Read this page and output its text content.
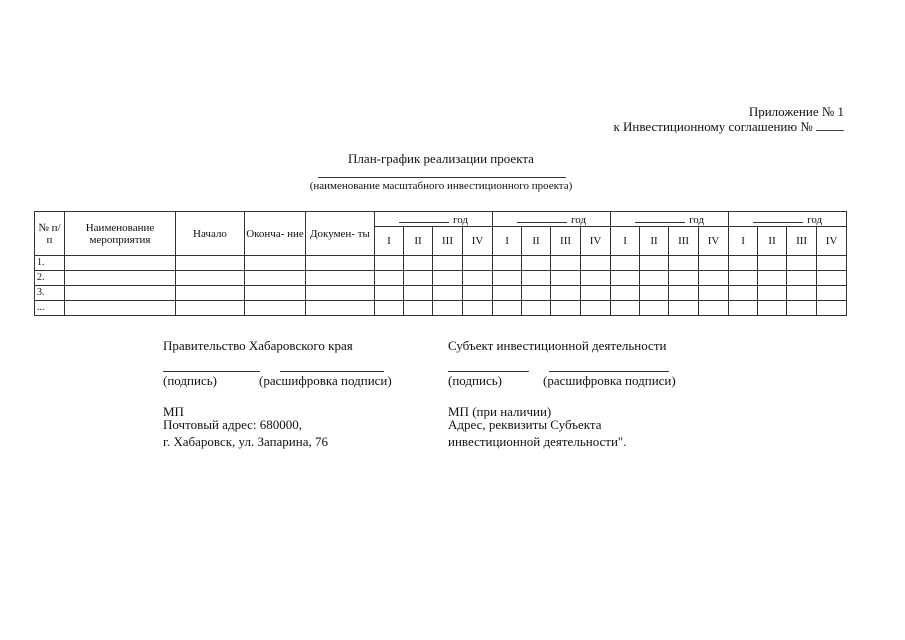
Приложение № 1
к Инвестиционному соглашению №
План-график реализации проекта
(наименование масштабного инвестиционного проекта)
№ п/ п	Наименование мероприятия	Начало	Оконча- ние	Докумен- ты	год				год				год				год			
					I	II	III	IV	I	II	III	IV	I	II	III	IV	I	II	III	IV
1.																				
2.																				
3.																				
...																				
Правительство Хабаровского края
(подпись)	(расшифровка подписи)
МП
Почтовый адрес: 680000,
г. Хабаровск, ул. Запарина, 76
Субъект инвестиционной деятельности
(подпись)	(расшифровка подписи)
МП (при наличии)
Адрес, реквизиты Субъекта
инвестиционной деятельности".
